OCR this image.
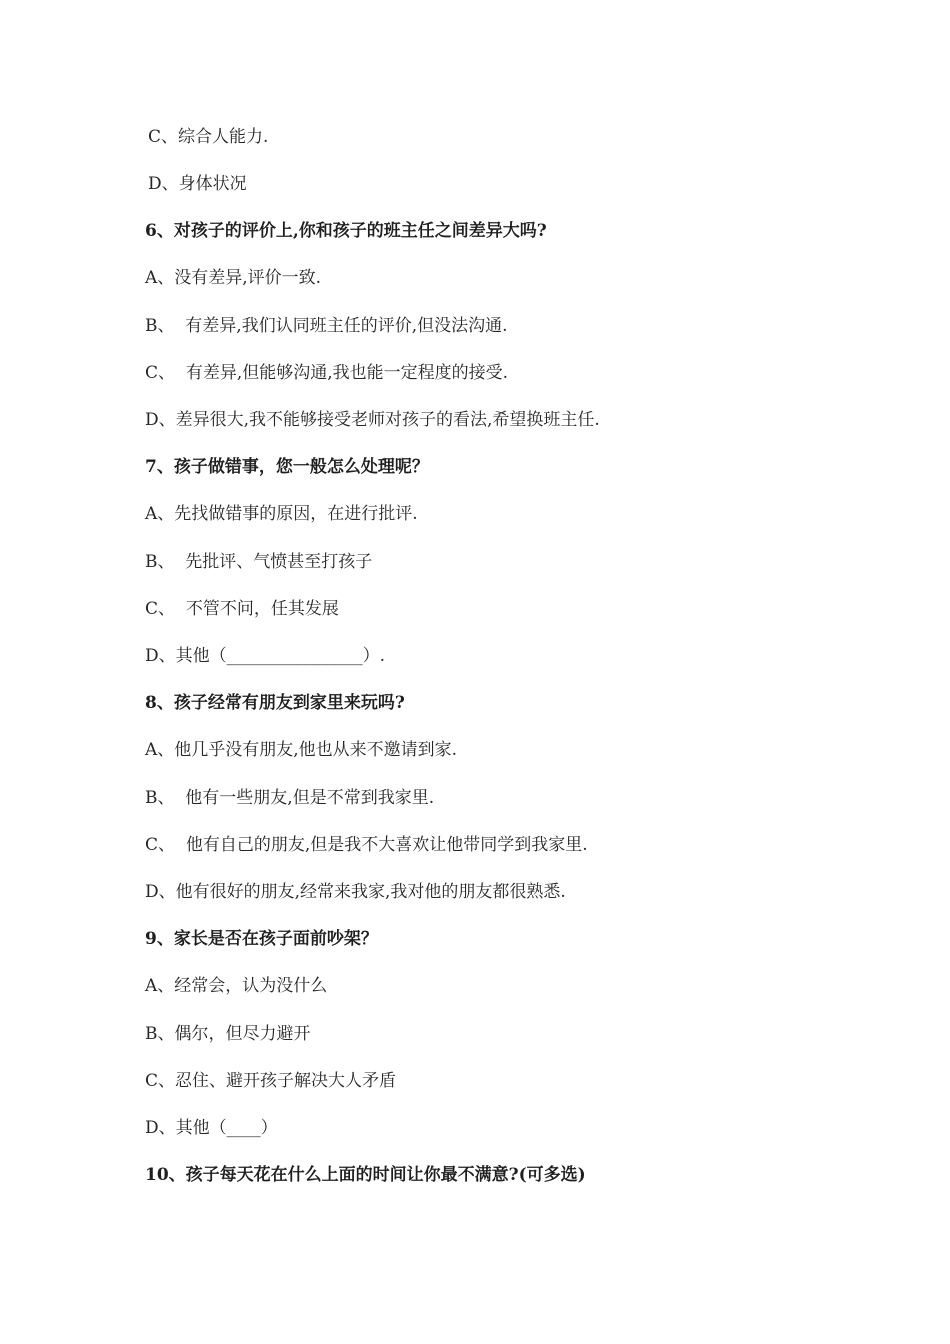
C、综合人能力.
D、身体状况
6、对孩子的评价上,你和孩子的班主任之间差异大吗?
A、没有差异,评价一致.
B、  有差异,我们认同班主任的评价,但没法沟通.
C、  有差异,但能够沟通,我也能一定程度的接受.
D、差异很大,我不能够接受老师对孩子的看法,希望换班主任.
7、孩子做错事，您一般怎么处理呢？
A、先找做错事的原因，在进行批评.
B、  先批评、气愤甚至打孩子
C、  不管不问，任其发展
D、其他（________________）.
8、孩子经常有朋友到家里来玩吗?
A、他几乎没有朋友,他也从来不邀请到家.
B、  他有一些朋友,但是不常到我家里.
C、  他有自己的朋友,但是我不大喜欢让他带同学到我家里.
D、他有很好的朋友,经常来我家,我对他的朋友都很熟悉.
9、家长是否在孩子面前吵架？
A、经常会，认为没什么
B、偶尔，但尽力避开
C、忍住、避开孩子解决大人矛盾
D、其他（____）
10、孩子每天花在什么上面的时间让你最不满意?(可多选)
